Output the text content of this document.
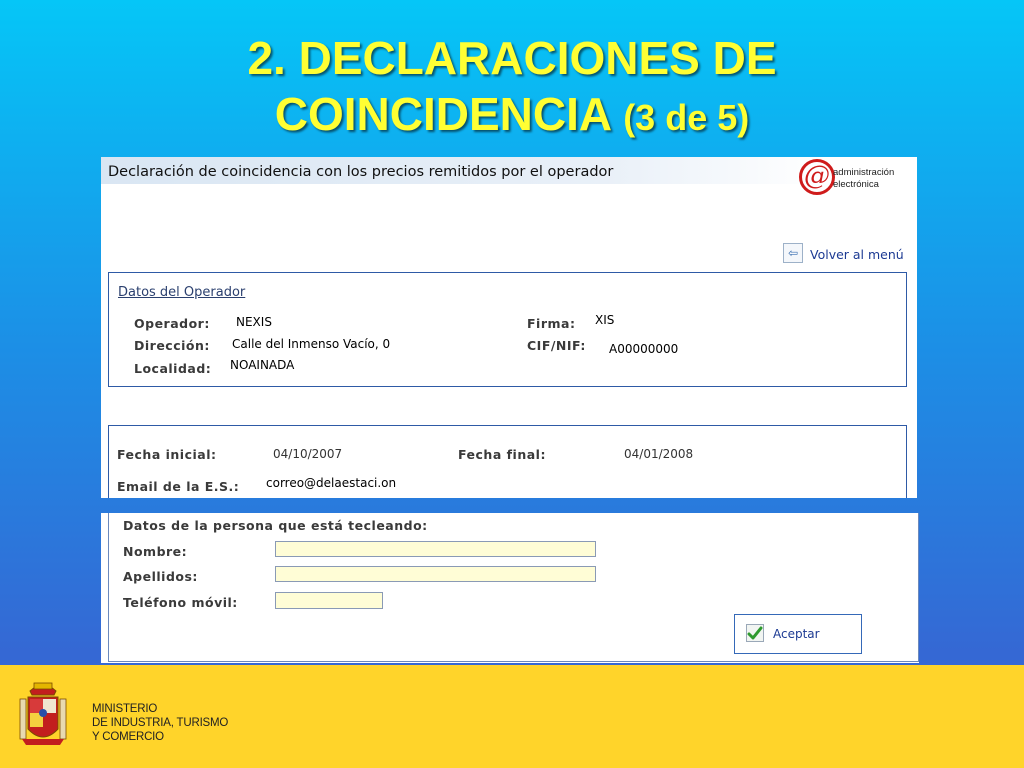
2. DECLARACIONES DE
COINCIDENCIA (3 de 5)
Declaración de coincidencia con los precios remitidos por el operador	@ administración
electrónica
⇦ Volver al menú
Datos del Operador
Operador: NEXIS
Dirección: Calle del Inmenso Vacío, 0
Localidad: NOAINADA
Firma: XIS
CIF/NIF: A00000000
Fecha inicial:	04/10/2007	Fecha final:	04/01/2008
Email de la E.S.: correo@delaestaci.on
Datos de la persona que está tecleando:
Nombre:
Apellidos:
Teléfono móvil:
Aceptar
MINISTERIO
DE INDUSTRIA, TURISMO
Y COMERCIO
